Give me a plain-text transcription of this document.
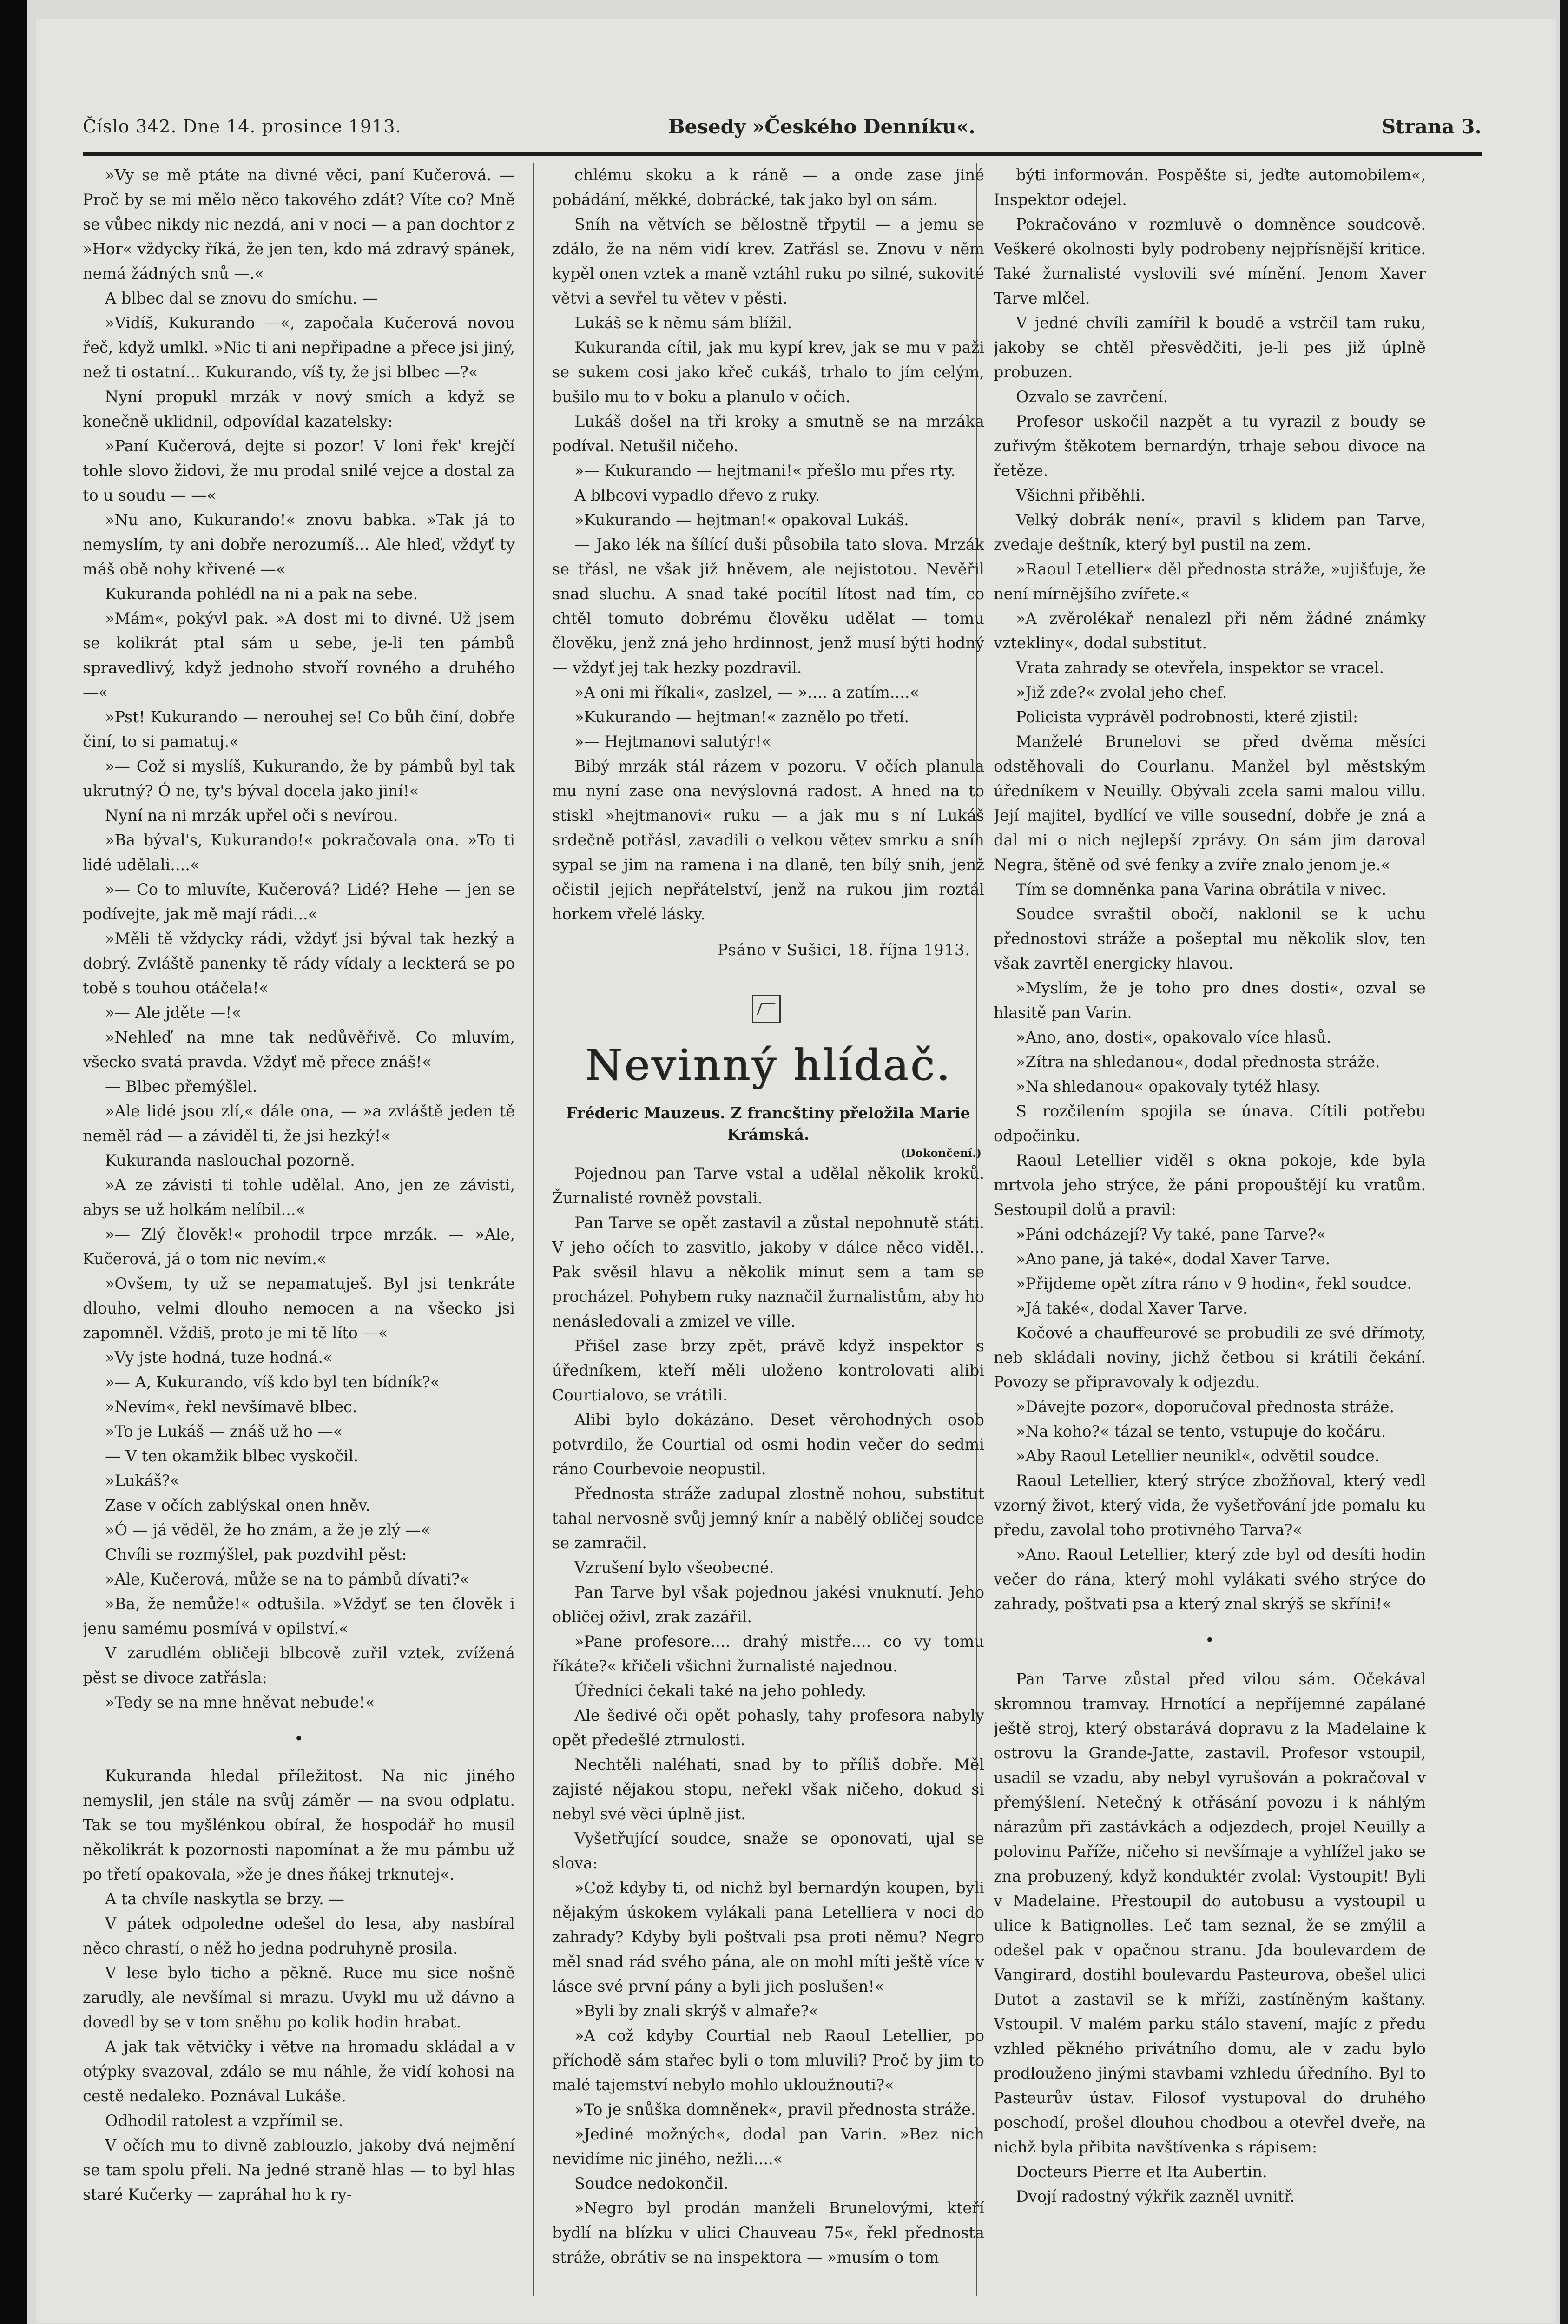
Číslo 342. Dne 14. prosince 1913.	Besedy »Českého Denníku«.	Strana 3.

»Vy se mě ptáte na divné věci, paní Kučerová. — Proč by se mi mělo něco takového zdát? Víte co? Mně se vůbec nikdy nic nezdá, ani v noci — a pan dochtor z »Hor« vždycky říká, že jen ten, kdo má zdravý spánek, nemá žádných snů —.«

A blbec dal se znovu do smíchu. —

»Vidíš, Kukurando —«, započala Kučerová novou řeč, když umlkl. »Nic ti ani nepřipadne a přece jsi jiný, než ti ostatní... Kukurando, víš ty, že jsi blbec —?«

Nyní propukl mrzák v nový smích a když se konečně uklidnil, odpovídal kazatelsky:

»Paní Kučerová, dejte si pozor! V loni řek' krejčí tohle slovo židovi, že mu prodal snilé vejce a dostal za to u soudu — —«

»Nu ano, Kukurando!« znovu babka. »Tak já to nemyslím, ty ani dobře nerozumíš... Ale hleď, vždyť ty máš obě nohy křivené —«

Kukuranda pohlédl na ni a pak na sebe.

»Mám«, pokývl pak. »A dost mi to divné. Už jsem se kolikrát ptal sám u sebe, je-li ten pámbů spravedlivý, když jednoho stvoří rovného a druhého —«

»Pst! Kukurando — nerouhej se! Co bůh činí, dobře činí, to si pamatuj.«

»— Což si myslíš, Kukurando, že by pámbů byl tak ukrutný? Ó ne, ty's býval docela jako jiní!«

Nyní na ni mrzák upřel oči s nevírou.

»Ba býval's, Kukurando!« pokračovala ona. »To ti lidé udělali....«

»— Co to mluvíte, Kučerová? Lidé? Hehe — jen se podívejte, jak mě mají rádi...«

»Měli tě vždycky rádi, vždyť jsi býval tak hezký a dobrý. Zvláště panenky tě rády vídaly a leckterá se po tobě s touhou otáčela!«

»— Ale jděte —!«

»Nehleď na mne tak nedůvěřivě. Co mluvím, všecko svatá pravda. Vždyť mě přece znáš!«

— Blbec přemýšlel.

»Ale lidé jsou zlí,« dále ona, — »a zvláště jeden tě neměl rád — a záviděl ti, že jsi hezký!«

Kukuranda naslouchal pozorně.

»A ze závisti ti tohle udělal. Ano, jen ze závisti, abys se už holkám nelíbil...«

»— Zlý člověk!« prohodil trpce mrzák. — »Ale, Kučerová, já o tom nic nevím.«

»Ovšem, ty už se nepamatuješ. Byl jsi tenkráte dlouho, velmi dlouho nemocen a na všecko jsi zapomněl. Vždiš, proto je mi tě líto —«

»Vy jste hodná, tuze hodná.«

»— A, Kukurando, víš kdo byl ten bídník?«

»Nevím«, řekl nevšímavě blbec.

»To je Lukáš — znáš už ho —«

— V ten okamžik blbec vyskočil.

»Lukáš?«

Zase v očích zablýskal onen hněv.

»Ó — já věděl, že ho znám, a že je zlý —«

Chvíli se rozmýšlel, pak pozdvihl pěst:

»Ale, Kučerová, může se na to pámbů dívati?«

»Ba, že nemůže!« odtušila. »Vždyť se ten člověk i jenu samému posmívá v opilství.«

V zarudlém obličeji blbcově zuřil vztek, zvížená pěst se divoce zatřásla:

»Tedy se na mne hněvat nebude!«

•

Kukuranda hledal příležitost. Na nic jiného nemyslil, jen stále na svůj záměr — na svou odplatu. Tak se tou myšlénkou obíral, že hospodář ho musil několikrát k pozornosti napomínat a že mu pámbu už po třetí opakovala, »že je dnes ňákej trknutej«.

A ta chvíle naskytla se brzy. —

V pátek odpoledne odešel do lesa, aby nasbíral něco chrastí, o něž ho jedna podruhyně prosila.

V lese bylo ticho a pěkně. Ruce mu sice nošně zarudly, ale nevšímal si mrazu. Uvykl mu už dávno a dovedl by se v tom sněhu po kolik hodin hrabat.

A jak tak větvičky i větve na hromadu skládal a v otýpky svazoval, zdálo se mu náhle, že vidí kohosi na cestě nedaleko. Poznával Lukáše.

Odhodil ratolest a vzpřímil se.

V očích mu to divně zablouzlo, jakoby dvá nejmění se tam spolu přeli. Na jedné straně hlas — to byl hlas staré Kučerky — zapráhal ho k ry-

chlému skoku a k ráně — a onde zase jiné pobádání, měkké, dobrácké, tak jako byl on sám.

Sníh na větvích se bělostně třpytil — a jemu se zdálo, že na něm vidí krev. Zatřásl se. Znovu v něm kypěl onen vztek a maně vztáhl ruku po silné, sukovité větvi a sevřel tu větev v pěsti.

Lukáš se k němu sám blížil.

Kukuranda cítil, jak mu kypí krev, jak se mu v paži se sukem cosi jako křeč cukáš, trhalo to jím celým, bušilo mu to v boku a planulo v očích.

Lukáš došel na tři kroky a smutně se na mrzáka podíval. Netušil ničeho.

»— Kukurando — hejtmani!« přešlo mu přes rty.

A blbcovi vypadlo dřevo z ruky.

»Kukurando — hejtman!« opakoval Lukáš.

— Jako lék na šílící duši působila tato slova. Mrzák se třásl, ne však již hněvem, ale nejistotou. Nevěřil snad sluchu. A snad také pocítil lítost nad tím, co chtěl tomuto dobrému člověku udělat — tomu člověku, jenž zná jeho hrdinnost, jenž musí býti hodný — vždyť jej tak hezky pozdravil.

»A oni mi říkali«, zaslzel, — ».... a zatím....«

»Kukurando — hejtman!« zaznělo po třetí.

»— Hejtmanovi salutýr!«

Bibý mrzák stál rázem v pozoru. V očích planula mu nyní zase ona nevýslovná radost. A hned na to stiskl »hejtmanovi« ruku — a jak mu s ní Lukáš srdečně potřásl, zavadili o velkou větev smrku a sníh sypal se jim na ramena i na dlaně, ten bílý sníh, jenž očistil jejich nepřátelství, jenž na rukou jim roztál horkem vřelé lásky.

Psáno v Sušici, 18. října 1913.

Nevinný hlídač.

Fréderic Mauzeus. Z francštiny přeložila Marie Krámská.

(Dokončení.)

Pojednou pan Tarve vstal a udělal několik kroků. Žurnalisté rovněž povstali.

Pan Tarve se opět zastavil a zůstal nepohnutě státi. V jeho očích to zasvitlo, jakoby v dálce něco viděl... Pak svěsil hlavu a několik minut sem a tam se procházel. Pohybem ruky naznačil žurnalistům, aby ho nenásledovali a zmizel ve ville.

Přišel zase brzy zpět, právě když inspektor s úředníkem, kteří měli uloženo kontrolovati alibi Courtialovo, se vrátili.

Alibi bylo dokázáno. Deset věrohodných osob potvrdilo, že Courtial od osmi hodin večer do sedmi ráno Courbevoie neopustil.

Přednosta stráže zadupal zlostně nohou, substitut tahal nervosně svůj jemný knír a nabělý obličej soudce se zamračil.

Vzrušení bylo všeobecné.

Pan Tarve byl však pojednou jakési vnuknutí. Jeho obličej oživl, zrak zazářil.

»Pane profesore.... drahý mistře.... co vy tomu říkáte?« křičeli všichni žurnalisté najednou.

Úředníci čekali také na jeho pohledy.

Ale šedivé oči opět pohasly, tahy profesora nabyly opět předešlé ztrnulosti.

Nechtěli naléhati, snad by to příliš dobře. Měl zajisté nějakou stopu, neřekl však ničeho, dokud si nebyl své věci úplně jist.

Vyšetřující soudce, snaže se oponovati, ujal se slova:

»Což kdyby ti, od nichž byl bernardýn koupen, byli nějakým úskokem vylákali pana Letelliera v noci do zahrady? Kdyby byli poštvali psa proti němu? Negro měl snad rád svého pána, ale on mohl míti ještě více v lásce své první pány a byli jich poslušen!«

»Byli by znali skrýš v almaře?«

»A což kdyby Courtial neb Raoul Letellier, po příchodě sám stařec byli o tom mluvili? Proč by jim to malé tajemství nebylo mohlo ukloužnouti?«

»To je snůška domněnek«, pravil přednosta stráže.

»Jediné možných«, dodal pan Varin. »Bez nich nevidíme nic jiného, nežli....«

Soudce nedokončil.

»Negro byl prodán manželi Brunelovými, kteří bydlí na blízku v ulici Chauveau 75«, řekl přednosta stráže, obrátiv se na inspektora — »musím o tom

býti informován. Pospěšte si, jeďte automobilem«, Inspektor odejel.

Pokračováno v rozmluvě o domněnce soudcově. Veškeré okolnosti byly podrobeny nejpřísnější kritice. Také žurnalisté vyslovili své mínění. Jenom Xaver Tarve mlčel.

V jedné chvíli zamířil k boudě a vstrčil tam ruku, jakoby se chtěl přesvědčiti, je-li pes již úplně probuzen.

Ozvalo se zavrčení.

Profesor uskočil nazpět a tu vyrazil z boudy se zuřivým štěkotem bernardýn, trhaje sebou divoce na řetěze.

Všichni přiběhli.

Velký dobrák není«, pravil s klidem pan Tarve, zvedaje deštník, který byl pustil na zem.

»Raoul Letellier« děl přednosta stráže, »ujišťuje, že není mírnějšího zvířete.«

»A zvěrolékař nenalezl při něm žádné známky vztekliny«, dodal substitut.

Vrata zahrady se otevřela, inspektor se vracel.

»Již zde?« zvolal jeho chef.

Policista vyprávěl podrobnosti, které zjistil:

Manželé Brunelovi se před dvěma měsíci odstěhovali do Courlanu. Manžel byl městským úředníkem v Neuilly. Obývali zcela sami malou villu. Její majitel, bydlící ve ville sousední, dobře je zná a dal mi o nich nejlepší zprávy. On sám jim daroval Negra, štěně od své fenky a zvíře znalo jenom je.«

Tím se domněnka pana Varina obrátila v nivec.

Soudce svraštil obočí, naklonil se k uchu přednostovi stráže a pošeptal mu několik slov, ten však zavrtěl energicky hlavou.

»Myslím, že je toho pro dnes dosti«, ozval se hlasitě pan Varin.

»Ano, ano, dosti«, opakovalo více hlasů.

»Zítra na shledanou«, dodal přednosta stráže.

»Na shledanou« opakovaly tytéž hlasy.

S rozčilením spojila se únava. Cítili potřebu odpočinku.

Raoul Letellier viděl s okna pokoje, kde byla mrtvola jeho strýce, že páni propouštějí ku vratům. Sestoupil dolů a pravil:

»Páni odcházejí? Vy také, pane Tarve?«

»Ano pane, já také«, dodal Xaver Tarve.

»Přijdeme opět zítra ráno v 9 hodin«, řekl soudce.

»Já také«, dodal Xaver Tarve.

Kočové a chauffeurové se probudili ze své dřímoty, neb skládali noviny, jichž četbou si krátili čekání. Povozy se připravovaly k odjezdu.

»Dávejte pozor«, doporučoval přednosta stráže.

»Na koho?« tázal se tento, vstupuje do kočáru.

»Aby Raoul Letellier neunikl«, odvětil soudce.

Raoul Letellier, který strýce zbožňoval, který vedl vzorný život, který vida, že vyšetřování jde pomalu ku předu, zavolal toho protivného Tarva?«

»Ano. Raoul Letellier, který zde byl od desíti hodin večer do rána, který mohl vylákati svého strýce do zahrady, poštvati psa a který znal skrýš se skříni!«

•

Pan Tarve zůstal před vilou sám. Očekával skromnou tramvay. Hrnotící a nepříjemné zapálané ještě stroj, který obstarává dopravu z la Madelaine k ostrovu la Grande-Jatte, zastavil. Profesor vstoupil, usadil se vzadu, aby nebyl vyrušován a pokračoval v přemýšlení. Netečný k otřásání povozu i k náhlým nárazům při zastávkách a odjezdech, projel Neuilly a polovinu Paříže, ničeho si nevšímaje a vyhlížel jako se zna probuzený, když konduktér zvolal: Vystoupit! Byli v Madelaine. Přestoupil do autobusu a vystoupil u ulice k Batignolles. Leč tam seznal, že se zmýlil a odešel pak v opačnou stranu. Jda boulevardem de Vangirard, dostihl boulevardu Pasteurova, obešel ulici Dutot a zastavil se k mříži, zastíněným kaštany. Vstoupil. V malém parku stálo stavení, majíc z předu vzhled pěkného privátního domu, ale v zadu bylo prodlouženo jinými stavbami vzhledu úředního. Byl to Pasteurův ústav. Filosof vystupoval do druhého poschodí, prošel dlouhou chodbou a otevřel dveře, na nichž byla přibita navštívenka s rápisem:

Docteurs Pierre et Ita Aubertin.

Dvojí radostný výkřik zazněl uvnitř.
